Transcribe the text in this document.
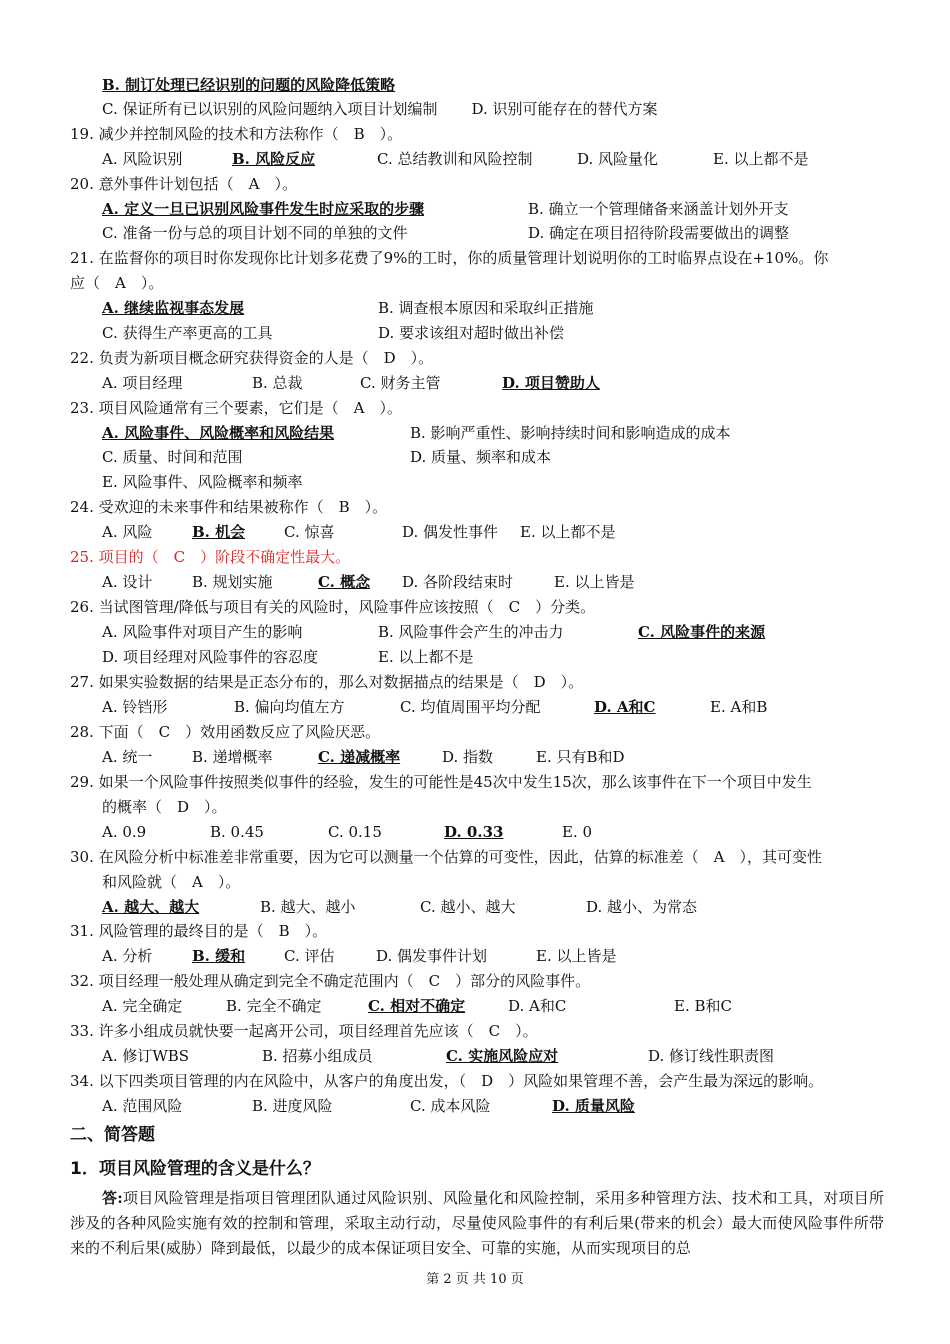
B. 制订处理已经识别的问题的风险降低策略
C. 保证所有已以识别的风险问题纳入项目计划编制 D. 识别可能存在的替代方案
19. 减少并控制风险的技术和方法称作（　B　）。
A. 风险识别	B. 风险反应	C. 总结教训和风险控制	D. 风险量化	E. 以上都不是
20. 意外事件计划包括（　A　）。
A. 定义一旦已识别风险事件发生时应采取的步骤	B. 确立一个管理储备来涵盖计划外开支
C. 准备一份与总的项目计划不同的单独的文件	D. 确定在项目招待阶段需要做出的调整
21. 在监督你的项目时你发现你比计划多花费了9%的工时，你的质量管理计划说明你的工时临界点设在+10%。你
应（　A　）。
A. 继续监视事态发展	B. 调查根本原因和采取纠正措施
C. 获得生产率更高的工具	D. 要求该组对超时做出补偿
22. 负责为新项目概念研究获得资金的人是（　D　）。
A. 项目经理	B. 总裁	C. 财务主管	D. 项目赞助人
23. 项目风险通常有三个要素，它们是（　A　）。
A. 风险事件、风险概率和风险结果	B. 影响严重性、影响持续时间和影响造成的成本
C. 质量、时间和范围	D. 质量、频率和成本
E. 风险事件、风险概率和频率
24. 受欢迎的未来事件和结果被称作（　B　）。
A. 风险	B. 机会	C. 惊喜	D. 偶发性事件 E. 以上都不是
25. 项目的（　C　）阶段不确定性最大。
A. 设计	B. 规划实施	C. 概念 D. 各阶段结束时	E. 以上皆是
26. 当试图管理/降低与项目有关的风险时，风险事件应该按照（　C　）分类。
A. 风险事件对项目产生的影响	B. 风险事件会产生的冲击力	C. 风险事件的来源
D. 项目经理对风险事件的容忍度	E. 以上都不是
27. 如果实验数据的结果是正态分布的，那么对数据描点的结果是（　D　）。
A. 铃铛形	B. 偏向均值左方	C. 均值周围平均分配	D. A和C	E. A和B
28. 下面（　C　）效用函数反应了风险厌恶。
A. 统一	B. 递增概率	C. 递减概率	D. 指数	E. 只有B和D
29. 如果一个风险事件按照类似事件的经验，发生的可能性是45次中发生15次，那么该事件在下一个项目中发生
的概率（　D　）。
A. 0.9	B. 0.45	C. 0.15	D. 0.33	E. 0
30. 在风险分析中标准差非常重要，因为它可以测量一个估算的可变性，因此，估算的标准差（　A　），其可变性
和风险就（　A　）。
A. 越大、越大	B. 越大、越小	C. 越小、越大	D. 越小、为常态
31. 风险管理的最终目的是（　B　）。
A. 分析	B. 缓和	C. 评估	D. 偶发事件计划	E. 以上皆是
32. 项目经理一般处理从确定到完全不确定范围内（　C　）部分的风险事件。
A. 完全确定	B. 完全不确定	C. 相对不确定	D. A和C	E. B和C
33. 许多小组成员就快要一起离开公司，项目经理首先应该（　C　）。
A. 修订WBS	B. 招募小组成员	C. 实施风险应对	D. 修订线性职责图
34. 以下四类项目管理的内在风险中，从客户的角度出发，（　D　）风险如果管理不善，会产生最为深远的影响。
A. 范围风险	B. 进度风险	C. 成本风险	D. 质量风险
二、简答题
1．项目风险管理的含义是什么？
答:项目风险管理是指项目管理团队通过风险识别、风险量化和风险控制，采用多种管理方法、技术和工具，对项目所涉及的各种风险实施有效的控制和管理，采取主动行动，尽量使风险事件的有利后果(带来的机会）最大而使风险事件所带来的不利后果(威胁）降到最低，以最少的成本保证项目安全、可靠的实施，从而实现项目的总
第 2 页 共 10 页
